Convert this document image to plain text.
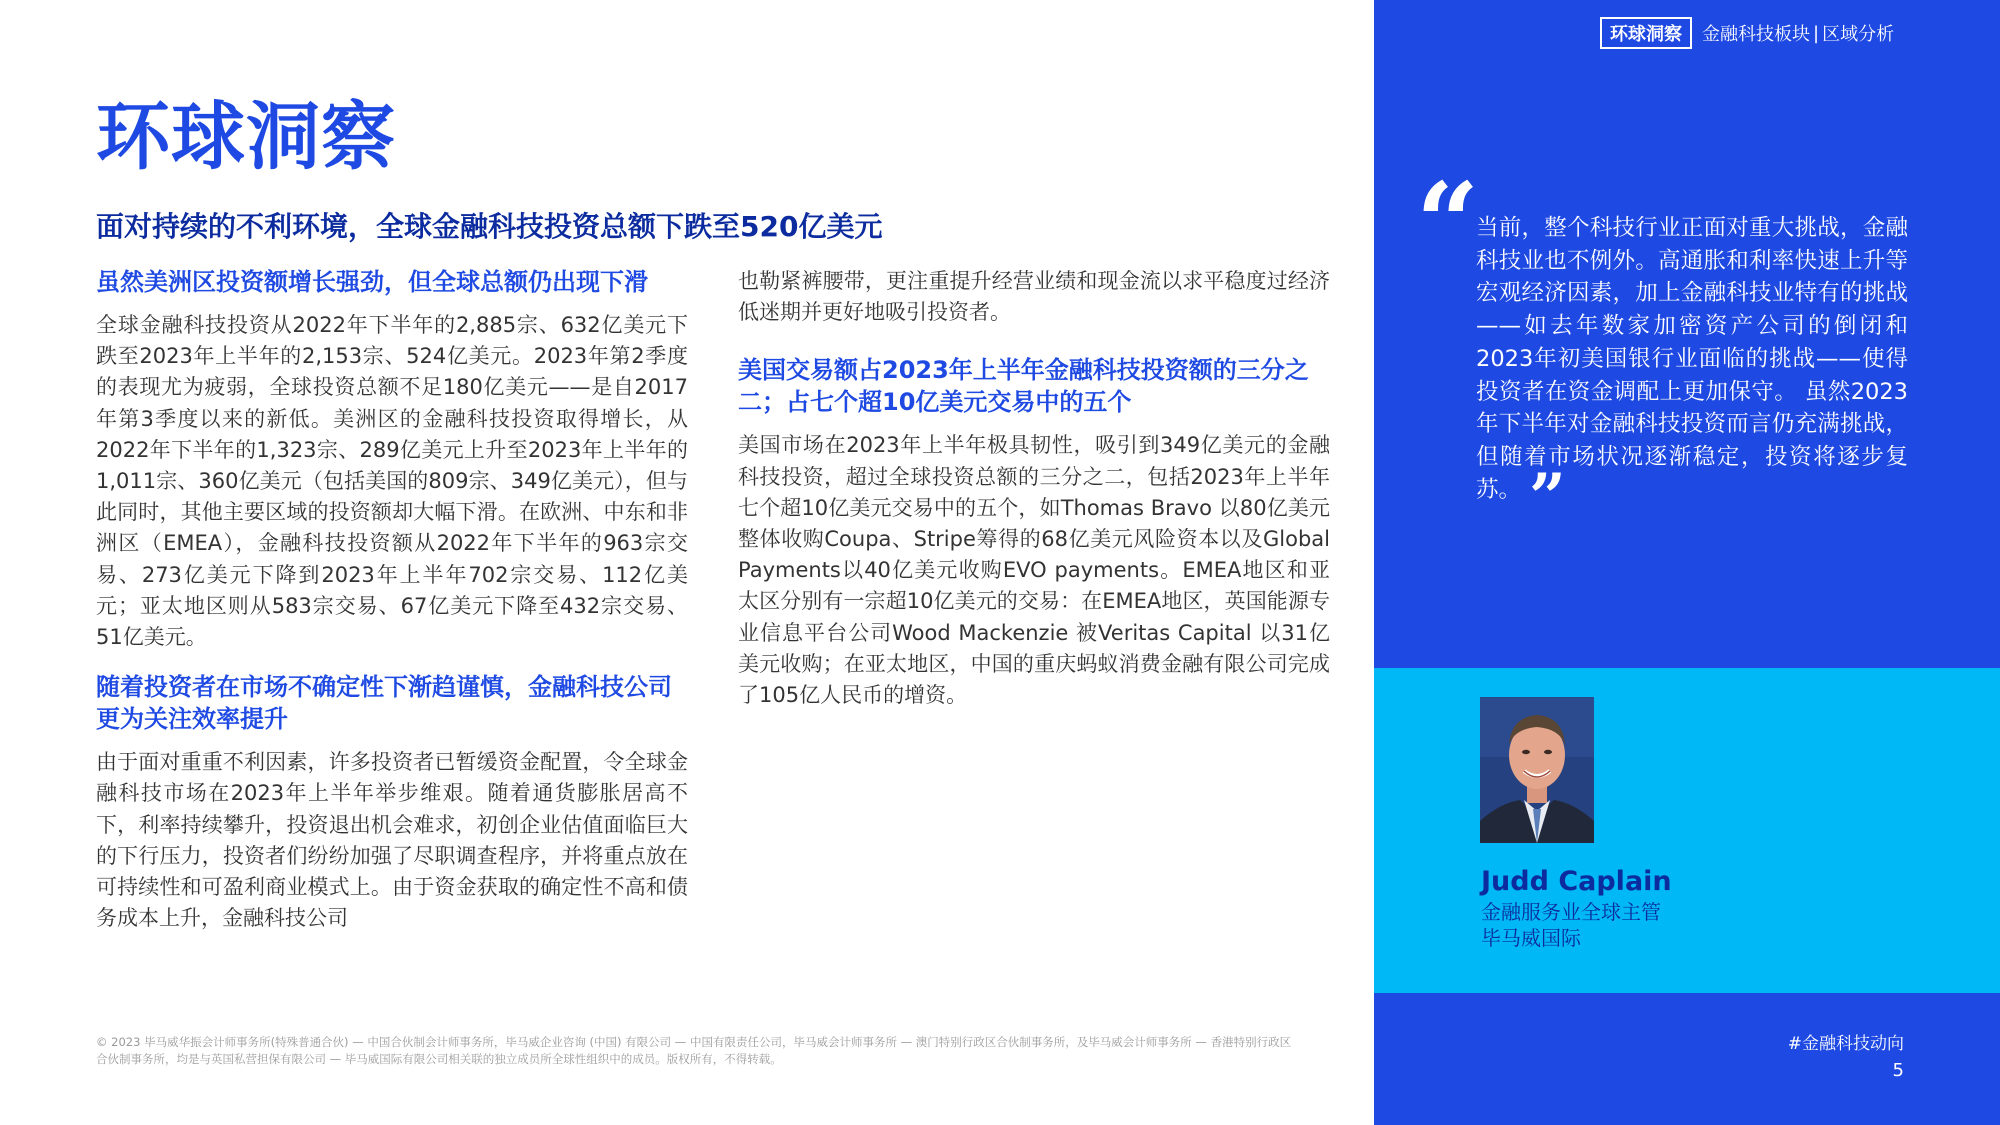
环球洞察
面对持续的不利环境，全球金融科技投资总额下跌至520亿美元
虽然美洲区投资额增长强劲，但全球总额仍出现下滑

全球金融科技投资从2022年下半年的2,885宗、632亿美元下跌至2023年上半年的2,153宗、524亿美元。2023年第2季度的表现尤为疲弱，全球投资总额不足180亿美元——是自2017年第3季度以来的新低。美洲区的金融科技投资取得增长，从2022年下半年的1,323宗、289亿美元上升至2023年上半年的1,011宗、360亿美元（包括美国的809宗、349亿美元），但与此同时，其他主要区域的投资额却大幅下滑。在欧洲、中东和非洲区（EMEA），金融科技投资额从2022年下半年的963宗交易、273亿美元下降到2023年上半年702宗交易、112亿美元；亚太地区则从583宗交易、67亿美元下降至432宗交易、51亿美元。

随着投资者在市场不确定性下渐趋谨慎，金融科技公司更为关注效率提升

由于面对重重不利因素，许多投资者已暂缓资金配置，令全球金融科技市场在2023年上半年举步维艰。随着通货膨胀居高不下，利率持续攀升，投资退出机会难求，初创企业估值面临巨大的下行压力，投资者们纷纷加强了尽职调查程序，并将重点放在可持续性和可盈利商业模式上。由于资金获取的确定性不高和债务成本上升，金融科技公司

也勒紧裤腰带，更注重提升经营业绩和现金流以求平稳度过经济低迷期并更好地吸引投资者。

美国交易额占2023年上半年金融科技投资额的三分之二；占七个超10亿美元交易中的五个

美国市场在2023年上半年极具韧性，吸引到349亿美元的金融科技投资，超过全球投资总额的三分之二，包括2023年上半年七个超10亿美元交易中的五个，如Thomas Bravo 以80亿美元整体收购Coupa、Stripe筹得的68亿美元风险资本以及Global Payments以40亿美元收购EVO payments。EMEA地区和亚太区分别有一宗超10亿美元的交易：在EMEA地区，英国能源专业信息平台公司Wood Mackenzie 被Veritas Capital 以31亿美元收购；在亚太地区，中国的重庆蚂蚁消费金融有限公司完成了105亿人民币的增资。

© 2023 毕马威华振会计师事务所(特殊普通合伙) — 中国合伙制会计师事务所，毕马威企业咨询 (中国) 有限公司 — 中国有限责任公司，毕马威会计师事务所 — 澳门特别行政区合伙制事务所，及毕马威会计师事务所 — 香港特别行政区合伙制事务所，均是与英国私营担保有限公司 — 毕马威国际有限公司相关联的独立成员所全球性组织中的成员。版权所有，不得转载。

环球洞察	金融科技板块 | 区域分析
“

当前，整个科技行业正面对重大挑战，金融科技业也不例外。高通胀和利率快速上升等宏观经济因素，加上金融科技业特有的挑战——如去年数家加密资产公司的倒闭和2023年初美国银行业面临的挑战——使得投资者在资金调配上更加保守。 虽然2023年下半年对金融科技投资而言仍充满挑战，但随着市场状况逐渐稳定，投资将逐步复苏。 ”

Judd Caplain

金融服务业全球主管

毕马威国际

#金融科技动向

5
